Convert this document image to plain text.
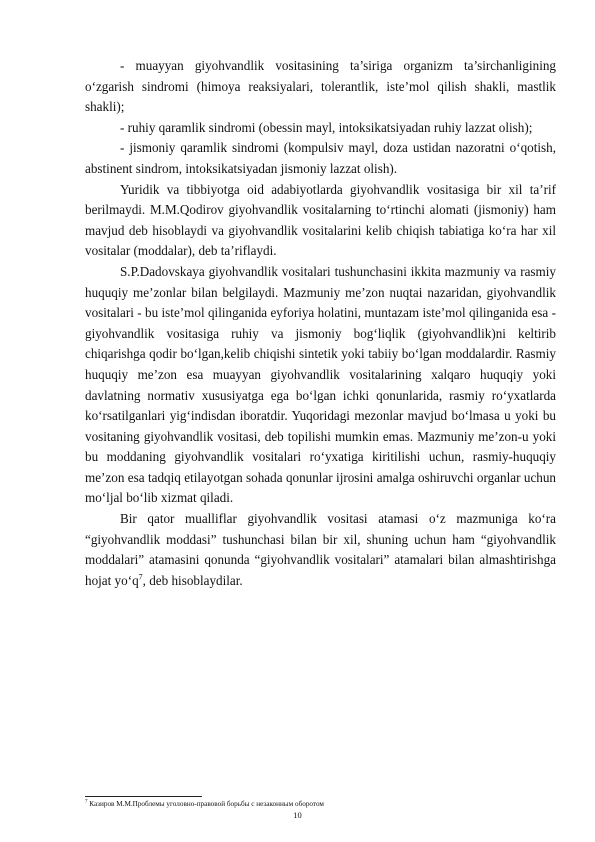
- muayyan giyohvandlik vositasining ta’siriga organizm ta’sirchanligining o‘zgarish sindromi (himoya reaksiyalari, tolerantlik, iste’mol qilish shakli, mastlik shakli);

- ruhiy qaramlik sindromi (obessin mayl, intoksikatsiyadan ruhiy lazzat olish);

- jismoniy qaramlik sindromi (kompulsiv mayl, doza ustidan nazoratni o‘qotish, abstinent sindrom, intoksikatsiyadan jismoniy lazzat olish).

Yuridik va tibbiyotga oid adabiyotlarda giyohvandlik vositasiga bir xil ta’rif berilmaydi. M.M.Qodirov giyohvandlik vositalarning to‘rtinchi alomati (jismoniy) ham mavjud deb hisoblaydi va giyohvandlik vositalarini kelib chiqish tabiatiga ko‘ra har xil vositalar (moddalar), deb ta’riflaydi.

S.P.Dadovskaya giyohvandlik vositalari tushunchasini ikkita mazmuniy va rasmiy huquqiy me’zonlar bilan belgilaydi. Mazmuniy me’zon nuqtai nazaridan, giyohvandlik vositalari - bu iste’mol qilinganida eyforiya holatini, muntazam iste’mol qilinganida esa - giyohvandlik vositasiga ruhiy va jismoniy bog‘liqlik (giyohvandlik)ni keltirib chiqarishga qodir bo‘lgan,kelib chiqishi sintetik yoki tabiiy bo‘lgan moddalardir. Rasmiy huquqiy me’zon esa muayyan giyohvandlik vositalarining xalqaro huquqiy yoki davlatning normativ xususiyatga ega bo‘lgan ichki qonunlarida, rasmiy ro‘yxatlarda ko‘rsatilganlari yig‘indisdan iboratdir. Yuqoridagi mezonlar mavjud bo‘lmasa u yoki bu vositaning giyohvandlik vositasi, deb topilishi mumkin emas. Mazmuniy me’zon-u yoki bu moddaning giyohvandlik vositalari ro‘yxatiga kiritilishi uchun, rasmiy-huquqiy me’zon esa tadqiq etilayotgan sohada qonunlar ijrosini amalga oshiruvchi organlar uchun mo‘ljal bo‘lib xizmat qiladi.

Bir qator mualliflar giyohvandlik vositasi atamasi o‘z mazmuniga ko‘ra “giyohvandlik moddasi” tushunchasi bilan bir xil, shuning uchun ham “giyohvandlik moddalari” atamasini qonunda “giyohvandlik vositalari” atamalari bilan almashtirishga hojat $yo‘q^7$, deb hisoblaydilar.

$^7$ Казиров М.М.Проблемы уголовно-правовой борьбы с незаконным оборотом
10
